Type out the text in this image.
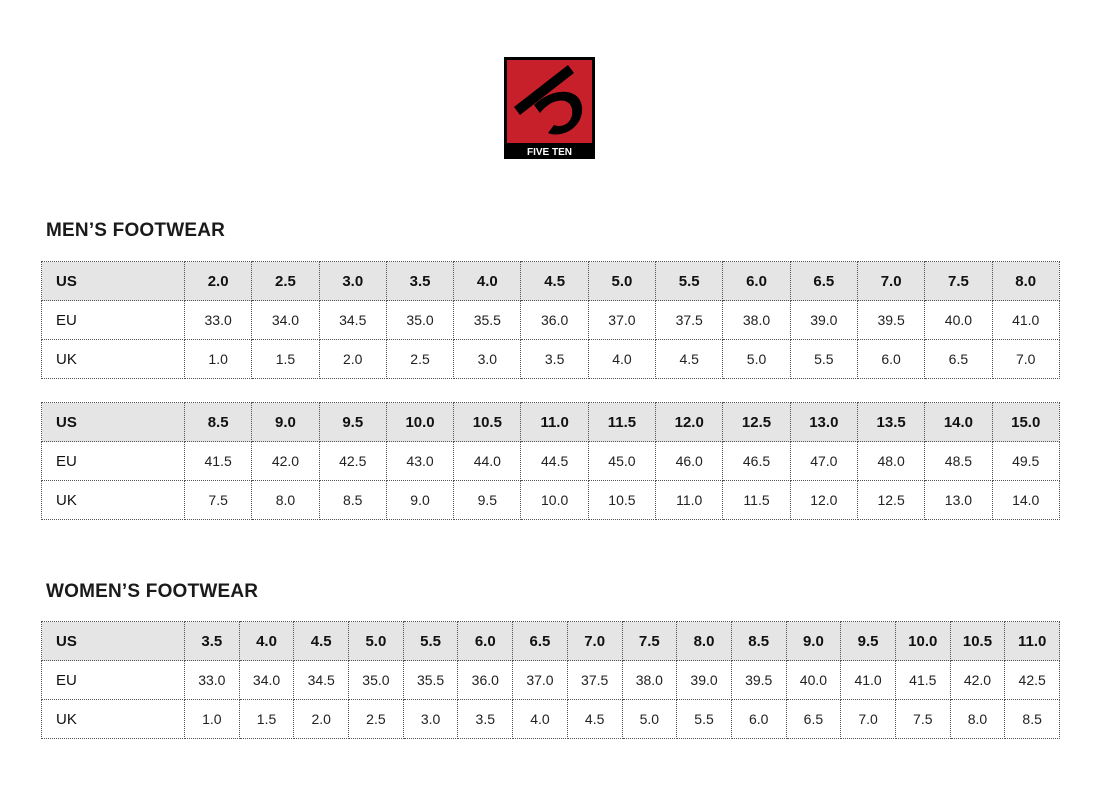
FIVE TEN
MEN’S FOOTWEAR
US	2.0	2.5	3.0	3.5	4.0	4.5	5.0	5.5	6.0	6.5	7.0	7.5	8.0
EU	33.0	34.0	34.5	35.0	35.5	36.0	37.0	37.5	38.0	39.0	39.5	40.0	41.0
UK	1.0	1.5	2.0	2.5	3.0	3.5	4.0	4.5	5.0	5.5	6.0	6.5	7.0
US	8.5	9.0	9.5	10.0	10.5	11.0	11.5	12.0	12.5	13.0	13.5	14.0	15.0
EU	41.5	42.0	42.5	43.0	44.0	44.5	45.0	46.0	46.5	47.0	48.0	48.5	49.5
UK	7.5	8.0	8.5	9.0	9.5	10.0	10.5	11.0	11.5	12.0	12.5	13.0	14.0
WOMEN’S FOOTWEAR
US	3.5	4.0	4.5	5.0	5.5	6.0	6.5	7.0	7.5	8.0	8.5	9.0	9.5	10.0	10.5	11.0
EU	33.0	34.0	34.5	35.0	35.5	36.0	37.0	37.5	38.0	39.0	39.5	40.0	41.0	41.5	42.0	42.5
UK	1.0	1.5	2.0	2.5	3.0	3.5	4.0	4.5	5.0	5.5	6.0	6.5	7.0	7.5	8.0	8.5
